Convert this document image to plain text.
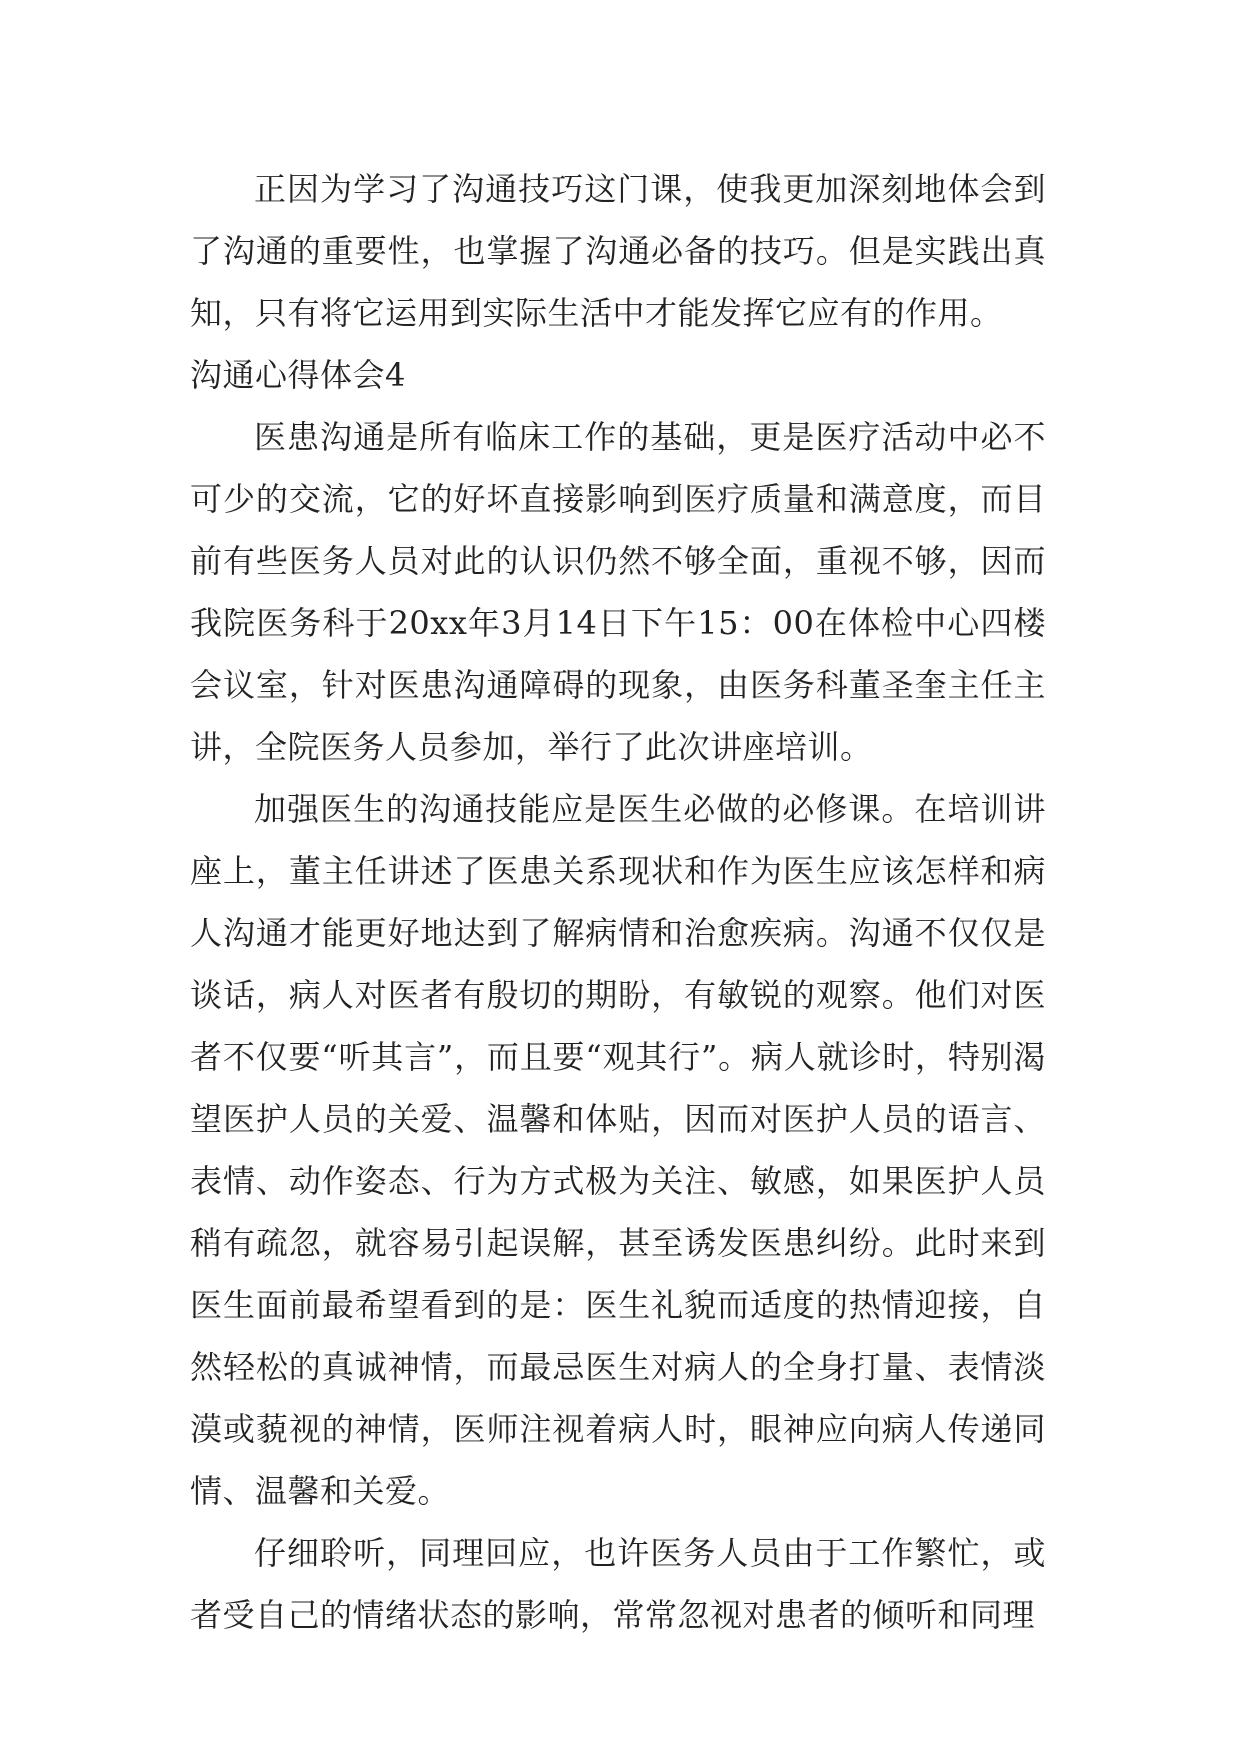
正因为学习了沟通技巧这门课，使我更加深刻地体会到了沟通的重要性，也掌握了沟通必备的技巧。但是实践出真知，只有将它运用到实际生活中才能发挥它应有的作用。

沟通心得体会4

医患沟通是所有临床工作的基础，更是医疗活动中必不可少的交流，它的好坏直接影响到医疗质量和满意度，而目前有些医务人员对此的认识仍然不够全面，重视不够，因而我院医务科于20xx年3月14日下午15：00在体检中心四楼会议室，针对医患沟通障碍的现象，由医务科董圣奎主任主讲，全院医务人员参加，举行了此次讲座培训。

加强医生的沟通技能应是医生必做的必修课。在培训讲座上，董主任讲述了医患关系现状和作为医生应该怎样和病人沟通才能更好地达到了解病情和治愈疾病。沟通不仅仅是谈话，病人对医者有殷切的期盼，有敏锐的观察。他们对医者不仅要“听其言”，而且要“观其行”。病人就诊时，特别渴望医护人员的关爱、温馨和体贴，因而对医护人员的语言、表情、动作姿态、行为方式极为关注、敏感，如果医护人员稍有疏忽，就容易引起误解，甚至诱发医患纠纷。此时来到医生面前最希望看到的是：医生礼貌而适度的热情迎接，自然轻松的真诚神情，而最忌医生对病人的全身打量、表情淡漠或藐视的神情，医师注视着病人时，眼神应向病人传递同情、温馨和关爱。

仔细聆听，同理回应，也许医务人员由于工作繁忙，或者受自己的情绪状态的影响，常常忽视对患者的倾听和同理
